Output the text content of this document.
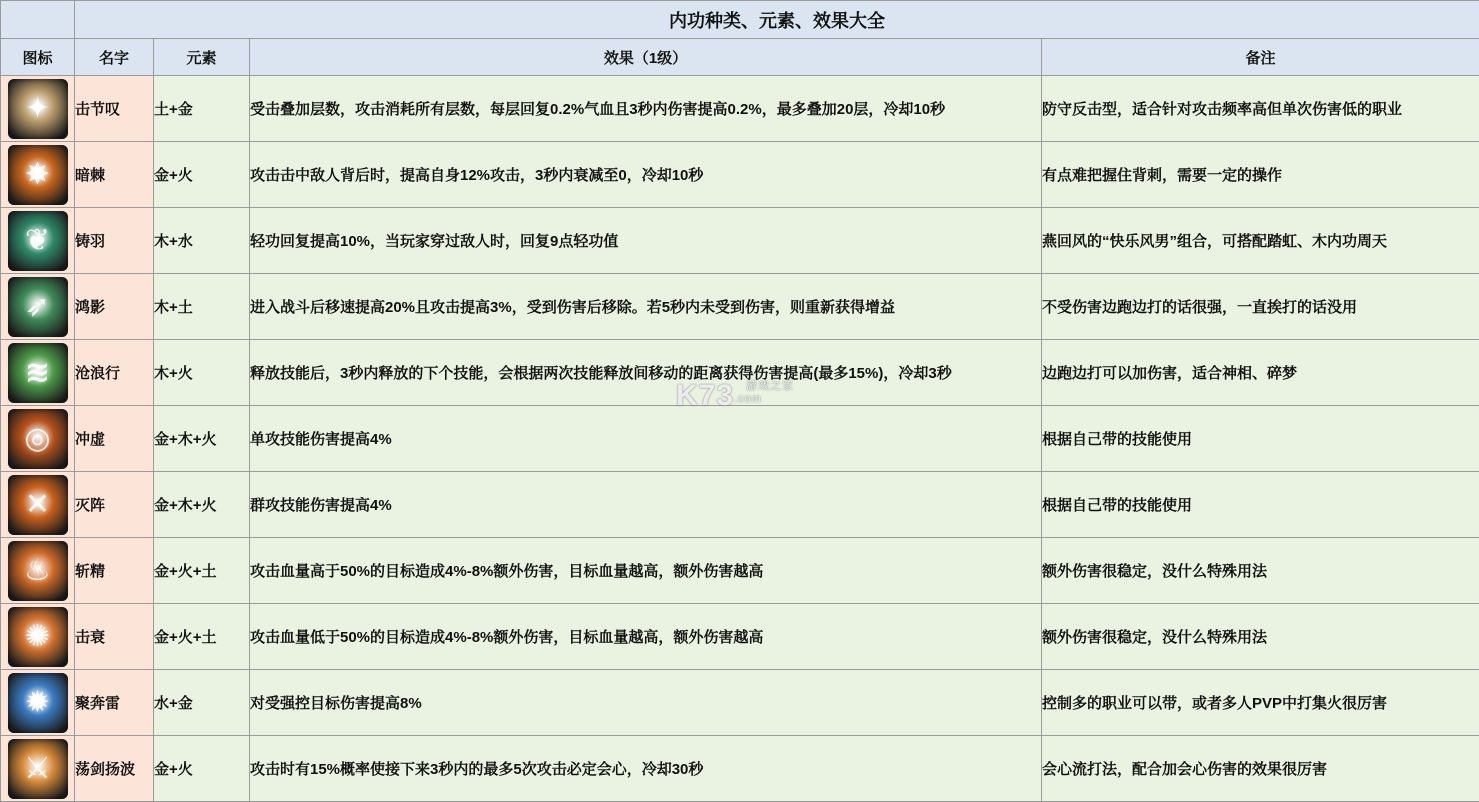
	内功种类、元素、效果大全			
图标	名字	元素	效果（1级）	备注

✦	击节叹	土+金	受击叠加层数，攻击消耗所有层数，每层回复0.2%气血且3秒内伤害提高0.2%，最多叠加20层，冷却10秒	防守反击型，适合针对攻击频率高但单次伤害低的职业

✸	暗棘	金+火	攻击击中敌人背后时，提高自身12%攻击，3秒内衰减至0，冷却10秒	有点难把握住背刺，需要一定的操作

❦	铸羽	木+水	轻功回复提高10%，当玩家穿过敌人时，回复9点轻功值	燕回风的“快乐风男”组合，可搭配踏虹、木内功周天

➶	鸿影	木+土	进入战斗后移速提高20%且攻击提高3%，受到伤害后移除。若5秒内未受到伤害，则重新获得增益	不受伤害边跑边打的话很强，一直挨打的话没用

≋	沧浪行	木+火	释放技能后，3秒内释放的下个技能，会根据两次技能释放间移动的距离获得伤害提高(最多15%)，冷却3秒	边跑边打可以加伤害，适合神相、碎梦

◎	冲虚	金+木+火	单攻技能伤害提高4%	根据自己带的技能使用

✕	灭阵	金+木+火	群攻技能伤害提高4%	根据自己带的技能使用

♨	斩精	金+火+土	攻击血量高于50%的目标造成4%-8%额外伤害，目标血量越高，额外伤害越高	额外伤害很稳定，没什么特殊用法

✺	击衰	金+火+土	攻击血量低于50%的目标造成4%-8%额外伤害，目标血量越高，额外伤害越高	额外伤害很稳定，没什么特殊用法

✹	聚奔雷	水+金	对受强控目标伤害提高8%	控制多的职业可以带，或者多人PVP中打集火很厉害

⚔	荡剑扬波	金+火	攻击时有15%概率使接下来3秒内的最多5次攻击必定会心，冷却30秒	会心流打法，配合加会心伤害的效果很厉害
K73 游戏之家
.com
